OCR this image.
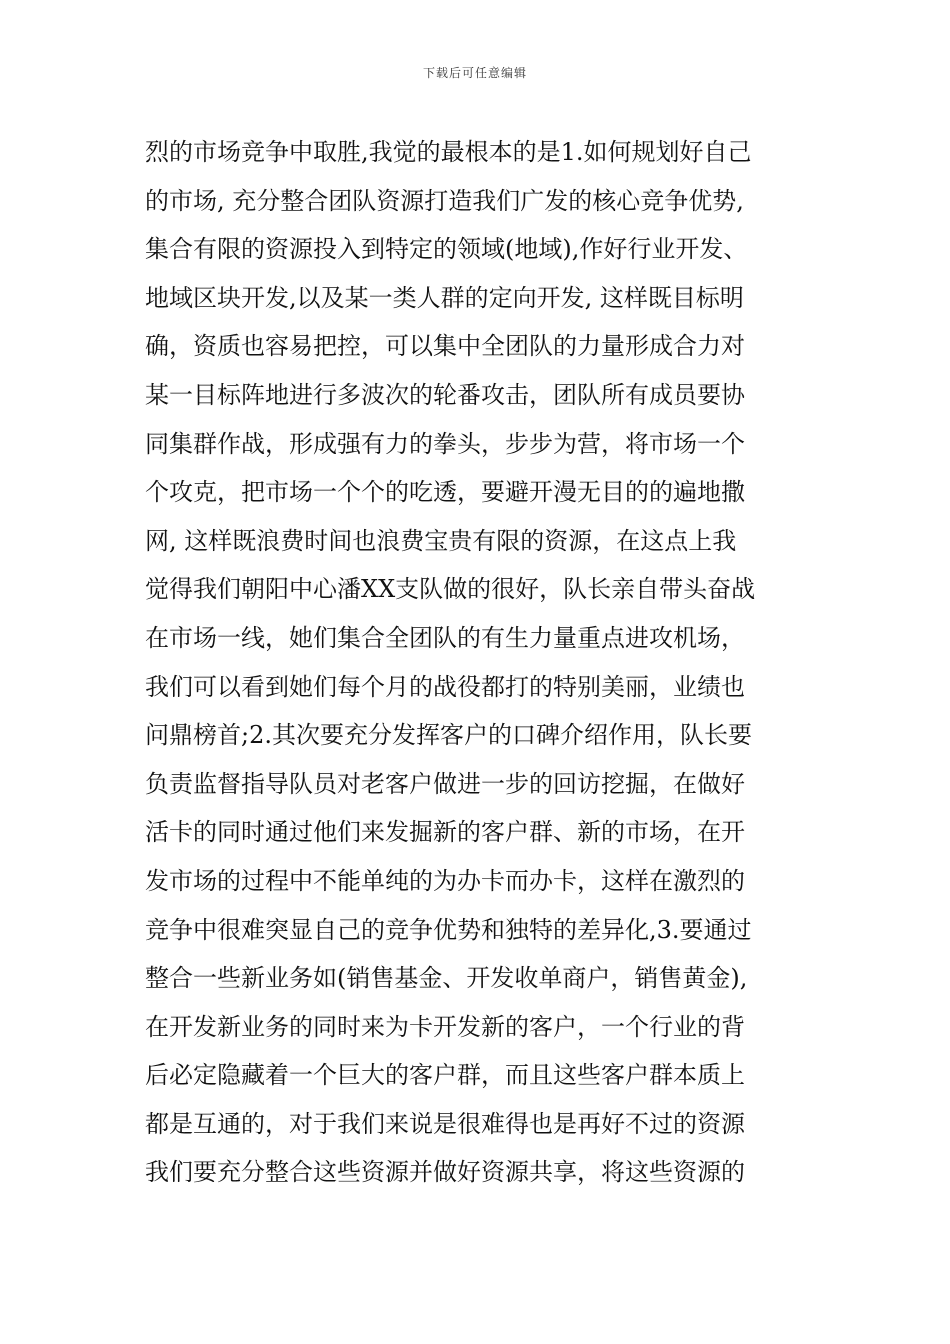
下载后可任意编辑
烈的市场竞争中取胜,我觉的最根本的是1.如何规划好自己
的市场, 充分整合团队资源打造我们广发的核心竞争优势,
集合有限的资源投入到特定的领域(地域),作好行业开发、
地域区块开发,以及某一类人群的定向开发, 这样既目标明
确，资质也容易把控，可以集中全团队的力量形成合力对
某一目标阵地进行多波次的轮番攻击，团队所有成员要协
同集群作战，形成强有力的拳头，步步为营，将市场一个
个攻克，把市场一个个的吃透，要避开漫无目的的遍地撒
网, 这样既浪费时间也浪费宝贵有限的资源，在这点上我
觉得我们朝阳中心潘XX支队做的很好，队长亲自带头奋战
在市场一线，她们集合全团队的有生力量重点进攻机场，
我们可以看到她们每个月的战役都打的特别美丽，业绩也
问鼎榜首;2.其次要充分发挥客户的口碑介绍作用，队长要
负责监督指导队员对老客户做进一步的回访挖掘，在做好
活卡的同时通过他们来发掘新的客户群、新的市场，在开
发市场的过程中不能单纯的为办卡而办卡，这样在激烈的
竞争中很难突显自己的竞争优势和独特的差异化,3.要通过
整合一些新业务如(销售基金、开发收单商户，销售黄金),
在开发新业务的同时来为卡开发新的客户，一个行业的背
后必定隐藏着一个巨大的客户群，而且这些客户群本质上
都是互通的，对于我们来说是很难得也是再好不过的资源
我们要充分整合这些资源并做好资源共享，将这些资源的
